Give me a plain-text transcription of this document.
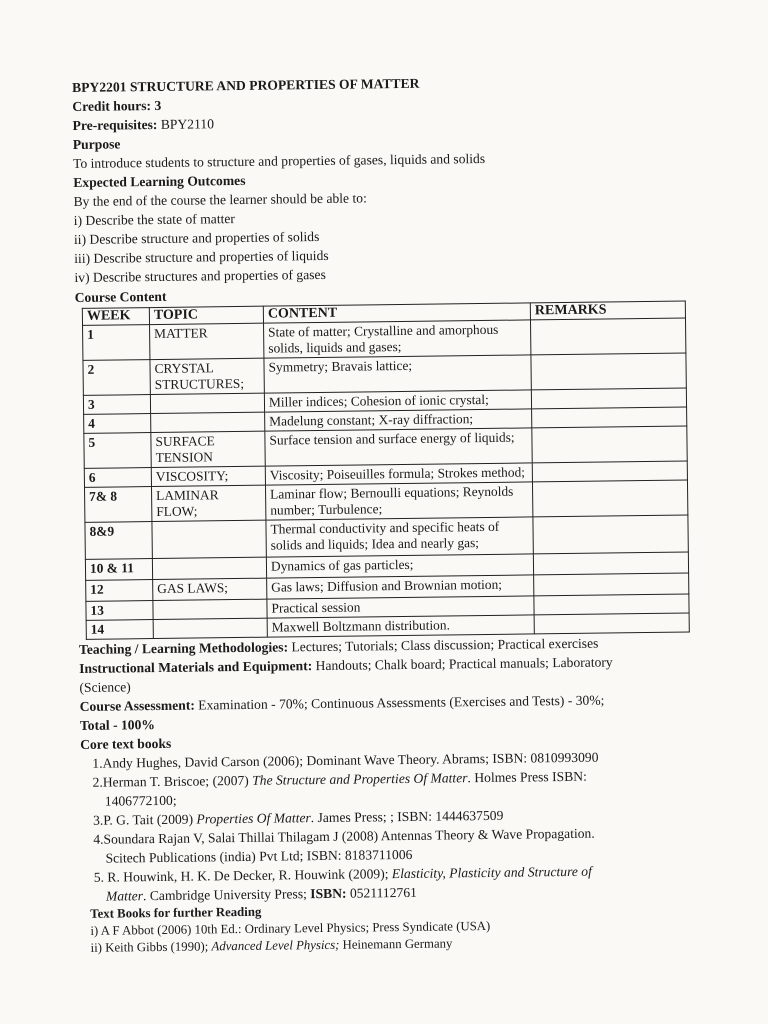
BPY2201 STRUCTURE AND PROPERTIES OF MATTER
Credit hours: 3
Pre-requisites: BPY2110
Purpose
To introduce students to structure and properties of gases, liquids and solids
Expected Learning Outcomes
By the end of the course the learner should be able to:
i) Describe the state of matter
ii) Describe structure and properties of solids
iii) Describe structure and properties of liquids
iv) Describe structures and properties of gases
Course Content
WEEK	TOPIC	CONTENT	REMARKS
1	MATTER	State of matter; Crystalline and amorphous solids, liquids and gases;	
2	CRYSTAL STRUCTURES;	Symmetry; Bravais lattice;	
3		Miller indices; Cohesion of ionic crystal;	
4		Madelung constant; X-ray diffraction;	
5	SURFACE TENSION	Surface tension and surface energy of liquids;	
6	VISCOSITY;	Viscosity; Poiseuilles formula; Strokes method;	
7& 8	LAMINAR FLOW;	Laminar flow; Bernoulli equations; Reynolds number; Turbulence;	
8&9		Thermal conductivity and specific heats of solids and liquids; Idea and nearly gas;	
10 & 11		Dynamics of gas particles;	
12	GAS LAWS;	Gas laws; Diffusion and Brownian motion;	
13		Practical session	
14		Maxwell Boltzmann distribution.	
Teaching / Learning Methodologies: Lectures; Tutorials; Class discussion; Practical exercises
Instructional Materials and Equipment: Handouts; Chalk board; Practical manuals; Laboratory
(Science)
Course Assessment: Examination - 70%; Continuous Assessments (Exercises and Tests) - 30%;
Total - 100%
Core text books
1.Andy Hughes, David Carson (2006); Dominant Wave Theory. Abrams; ISBN: 0810993090
2.Herman T. Briscoe; (2007) The Structure and Properties Of Matter. Holmes Press ISBN:
1406772100;
3.P. G. Tait (2009) Properties Of Matter. James Press; ; ISBN: 1444637509
4.Soundara Rajan V, Salai Thillai Thilagam J (2008) Antennas Theory & Wave Propagation.
Scitech Publications (india) Pvt Ltd; ISBN: 8183711006
5. R. Houwink, H. K. De Decker, R. Houwink (2009); Elasticity, Plasticity and Structure of
Matter. Cambridge University Press; ISBN: 0521112761
Text Books for further Reading
i) A F Abbot (2006) 10th Ed.: Ordinary Level Physics; Press Syndicate (USA)
ii) Keith Gibbs (1990); Advanced Level Physics; Heinemann Germany
